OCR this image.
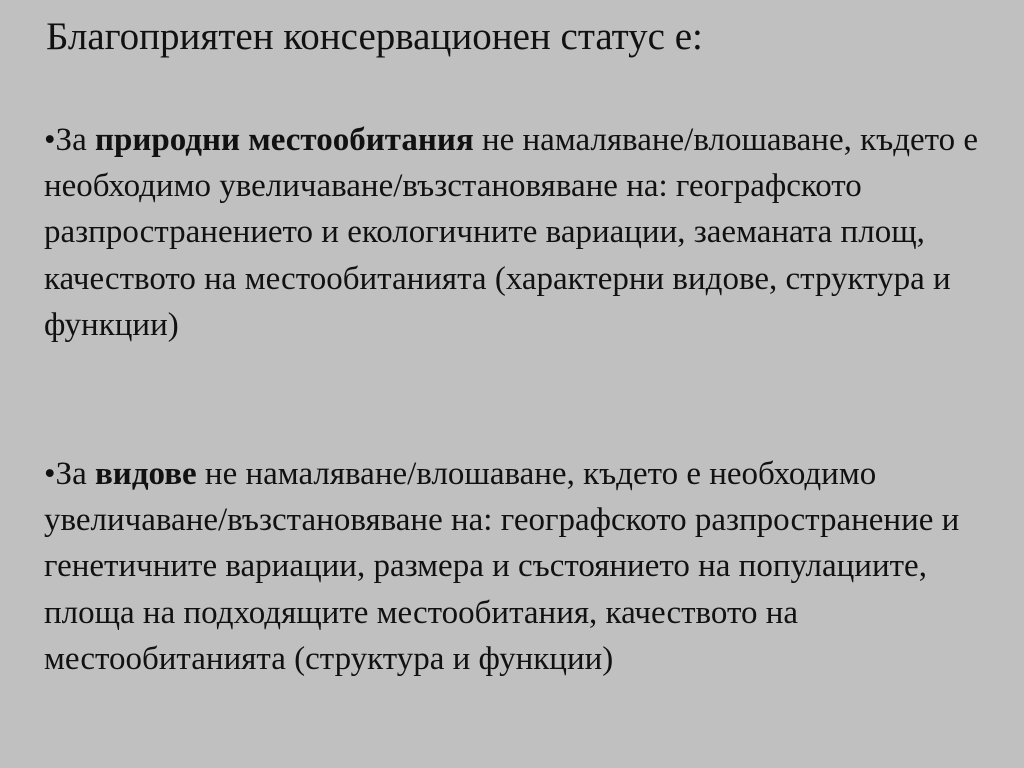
Благоприятен консервационен статус е:

•За природни местообитания не намаляване/влошаване, където е необходимо увеличаване/възстановяване на: географското разпространението и екологичните вариации, заеманата площ, качеството на местообитанията (характерни видове, структура и функции)

•За видове не намаляване/влошаване, където е необходимо увеличаване/възстановяване на: географското разпространение и генетичните вариации, размера и състоянието на популациите, площа на подходящите местообитания, качеството на местообитанията (структура и функции)
